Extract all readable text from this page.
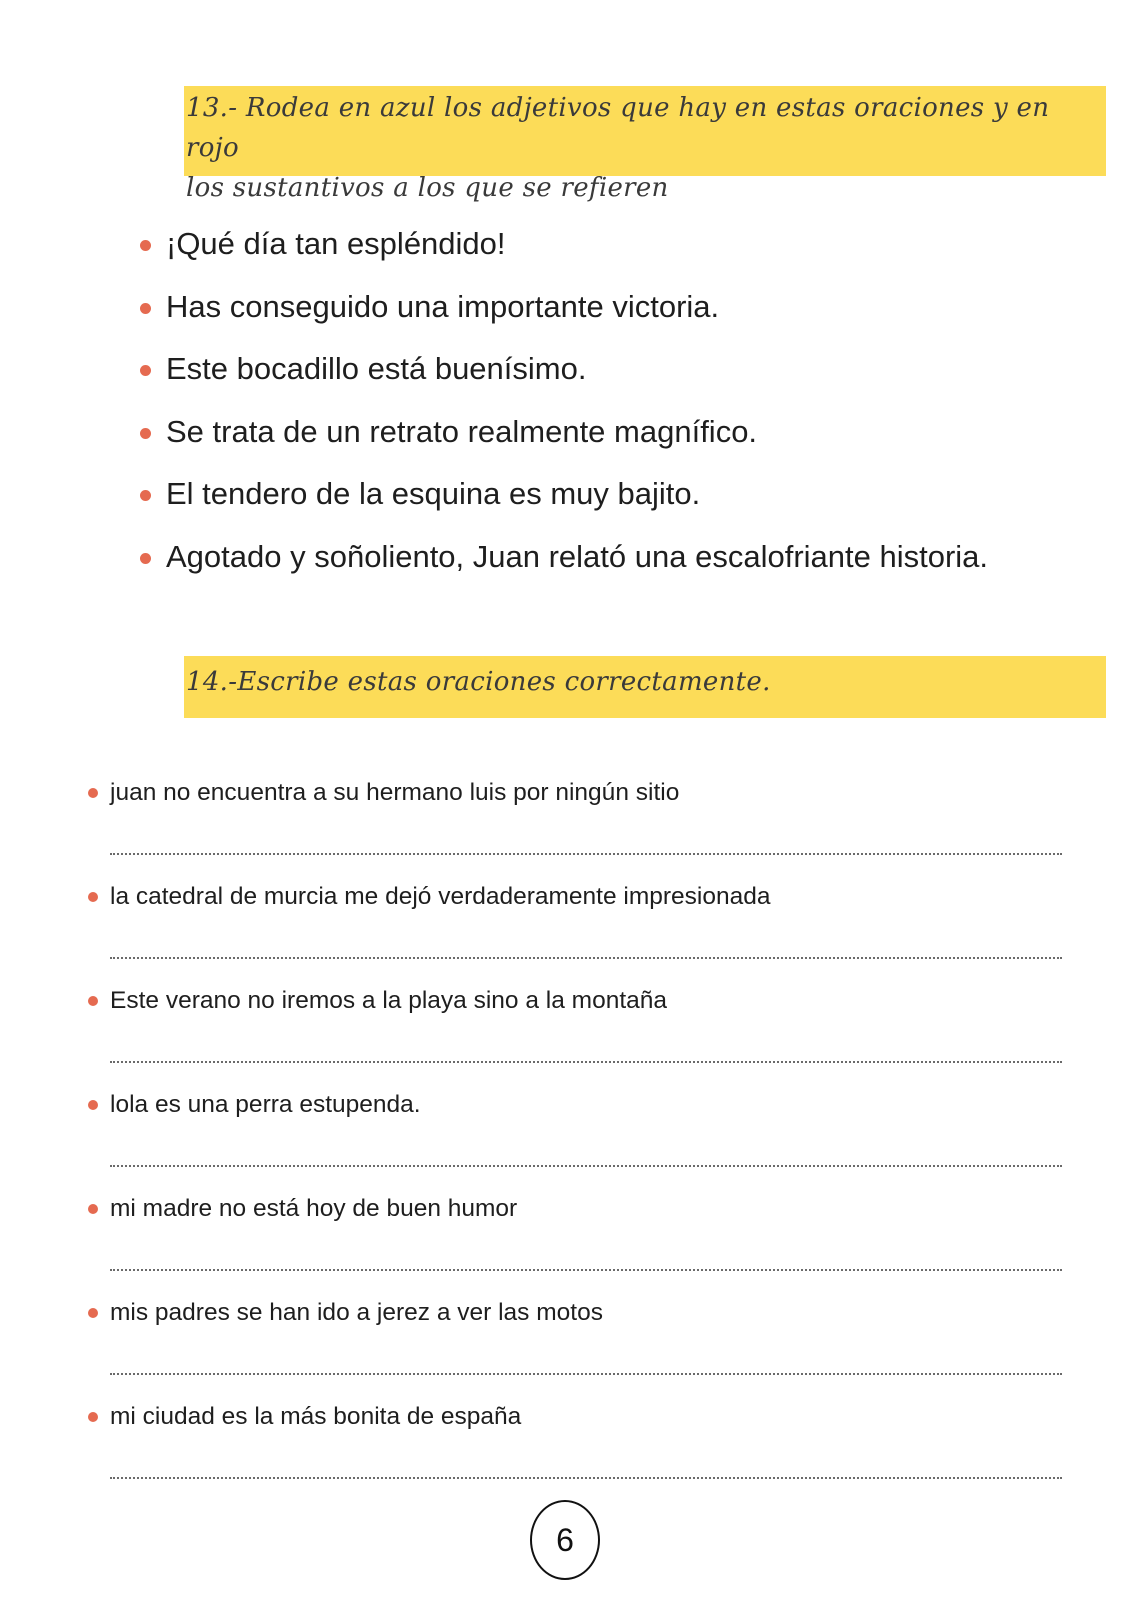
13.- Rodea en azul los adjetivos que hay en estas oraciones y en rojo
los sustantivos a los que se refieren
¡Qué día tan espléndido!
Has conseguido una importante victoria.
Este bocadillo está buenísimo.
Se trata de un retrato realmente magnífico.
El tendero de la esquina es muy bajito.
Agotado y soñoliento, Juan relató una escalofriante historia.
14.-Escribe estas oraciones correctamente.
juan no encuentra a su hermano luis por ningún sitio
la catedral de murcia me dejó verdaderamente impresionada
Este verano no iremos a la playa sino a la montaña
lola es una perra estupenda.
mi madre no está hoy de buen humor
mis padres se han ido a jerez a ver las motos
mi ciudad es la más bonita de españa
6
